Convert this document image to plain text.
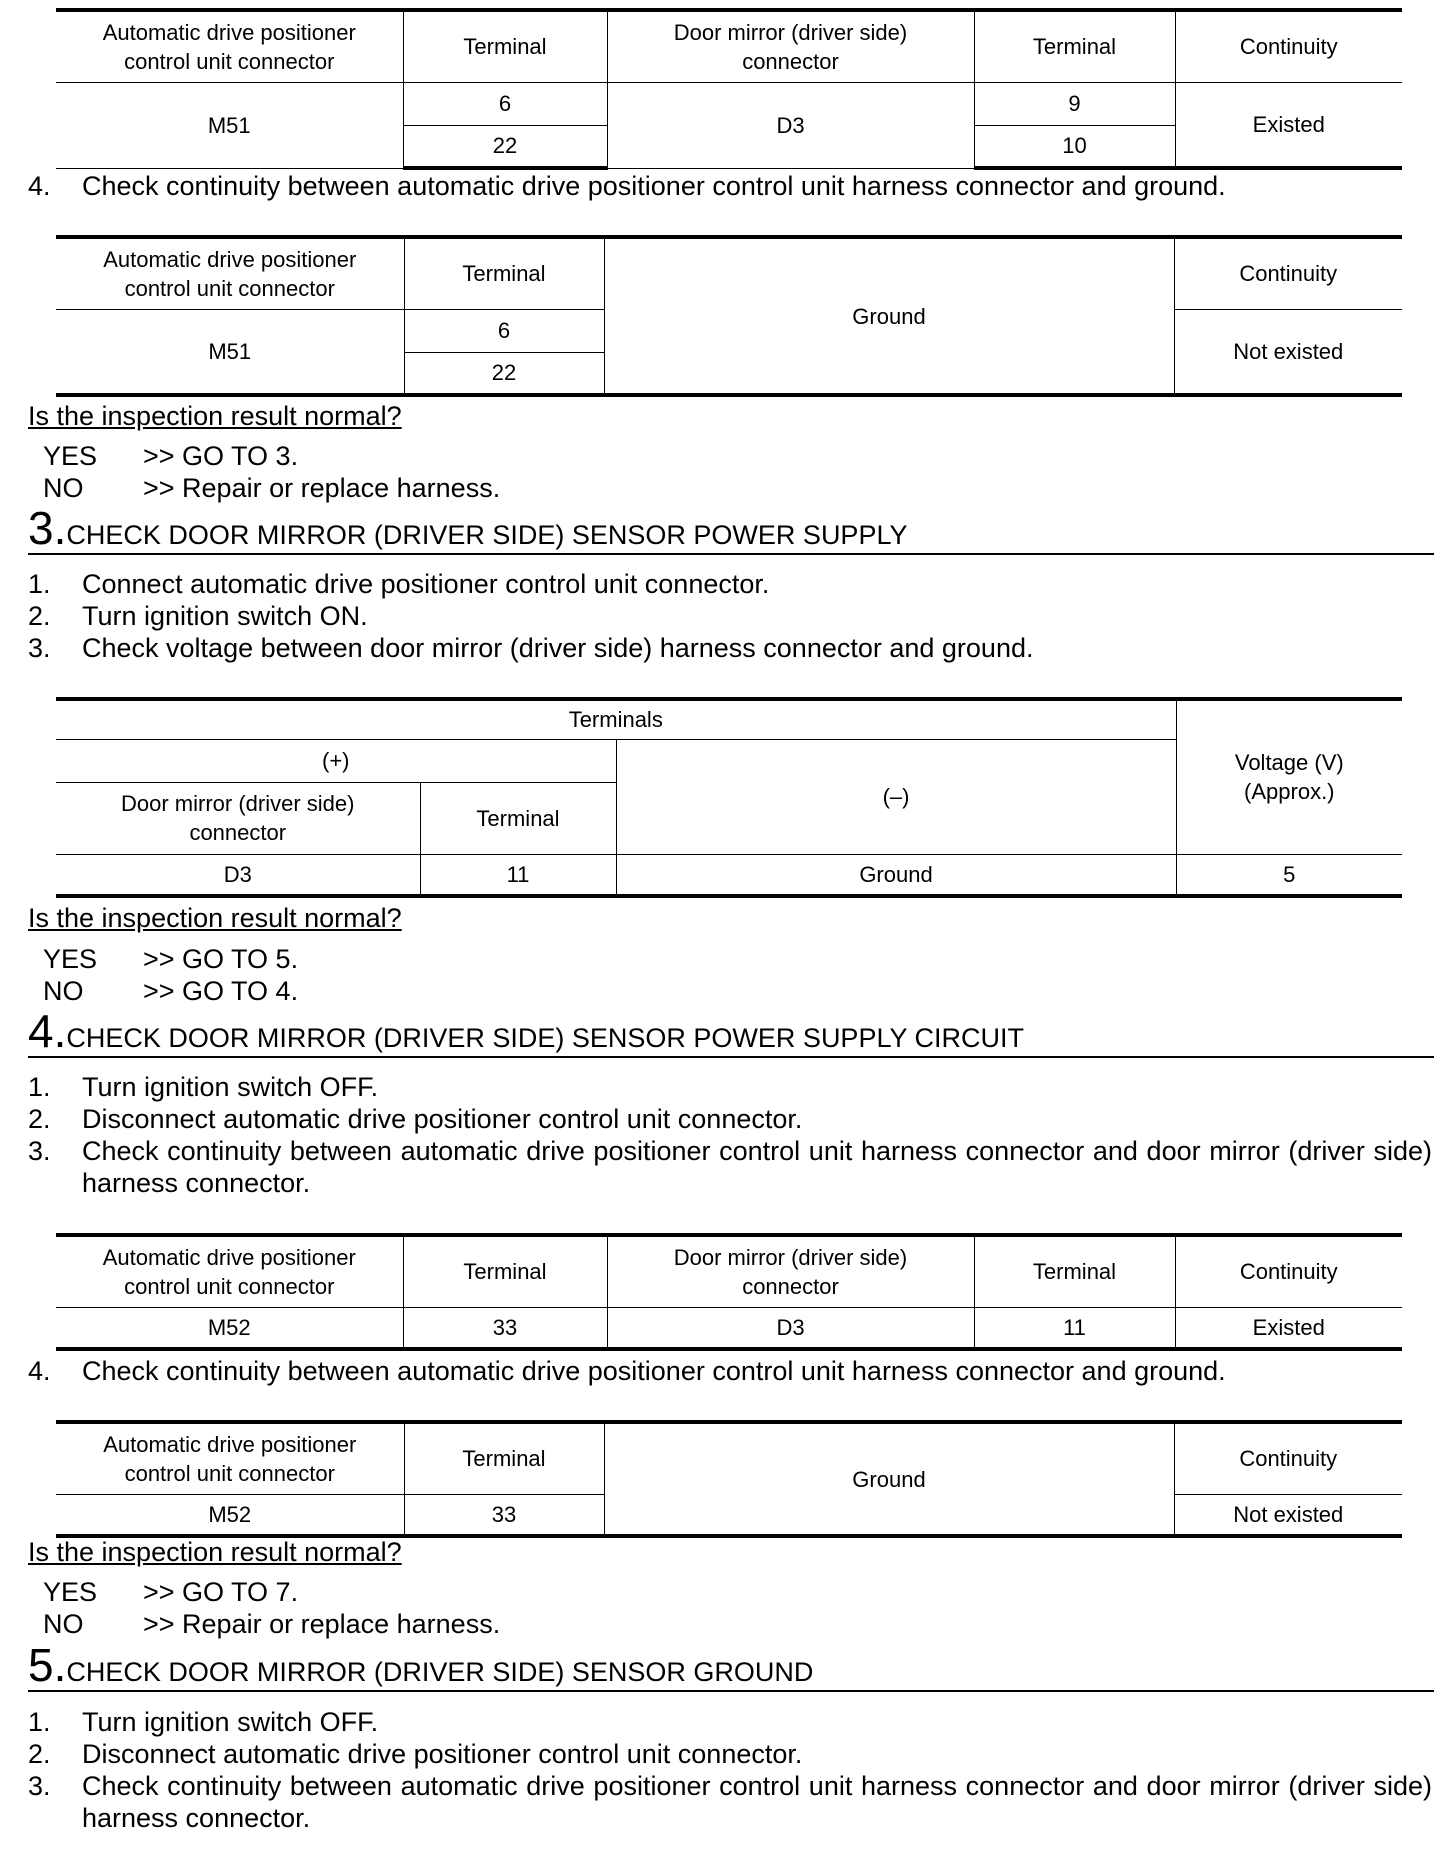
Automatic drive positioner
control unit connector	Terminal	Door mirror (driver side)
connector	Terminal	Continuity
M51	6	D3	9	Existed
	22		10	
4. Check continuity between automatic drive positioner control unit harness connector and ground.
Automatic drive positioner
control unit connector	Terminal	Ground	Continuity
M51	6		Not existed
	22		
Is the inspection result normal?
YES >> GO TO 3.
NO >> Repair or replace harness.
3.CHECK DOOR MIRROR (DRIVER SIDE) SENSOR POWER SUPPLY
1. Connect automatic drive positioner control unit connector.
2. Turn ignition switch ON.
3. Check voltage between door mirror (driver side) harness connector and ground.
Terminals			Voltage (V)
(Approx.)
(+)		(–)	
Door mirror (driver side)
connector	Terminal		
D3	11	Ground	5
Is the inspection result normal?
YES >> GO TO 5.
NO >> GO TO 4.
4.CHECK DOOR MIRROR (DRIVER SIDE) SENSOR POWER SUPPLY CIRCUIT
1. Turn ignition switch OFF.
2. Disconnect automatic drive positioner control unit connector.
3. Check continuity between automatic drive positioner control unit harness connector and door mirror (driver side) harness connector.
Automatic drive positioner
control unit connector	Terminal	Door mirror (driver side)
connector	Terminal	Continuity
M52	33	D3	11	Existed
4. Check continuity between automatic drive positioner control unit harness connector and ground.
Automatic drive positioner
control unit connector	Terminal	Ground	Continuity
M52	33		Not existed
Is the inspection result normal?
YES >> GO TO 7.
NO >> Repair or replace harness.
5.CHECK DOOR MIRROR (DRIVER SIDE) SENSOR GROUND
1. Turn ignition switch OFF.
2. Disconnect automatic drive positioner control unit connector.
3. Check continuity between automatic drive positioner control unit harness connector and door mirror (driver side) harness connector.
